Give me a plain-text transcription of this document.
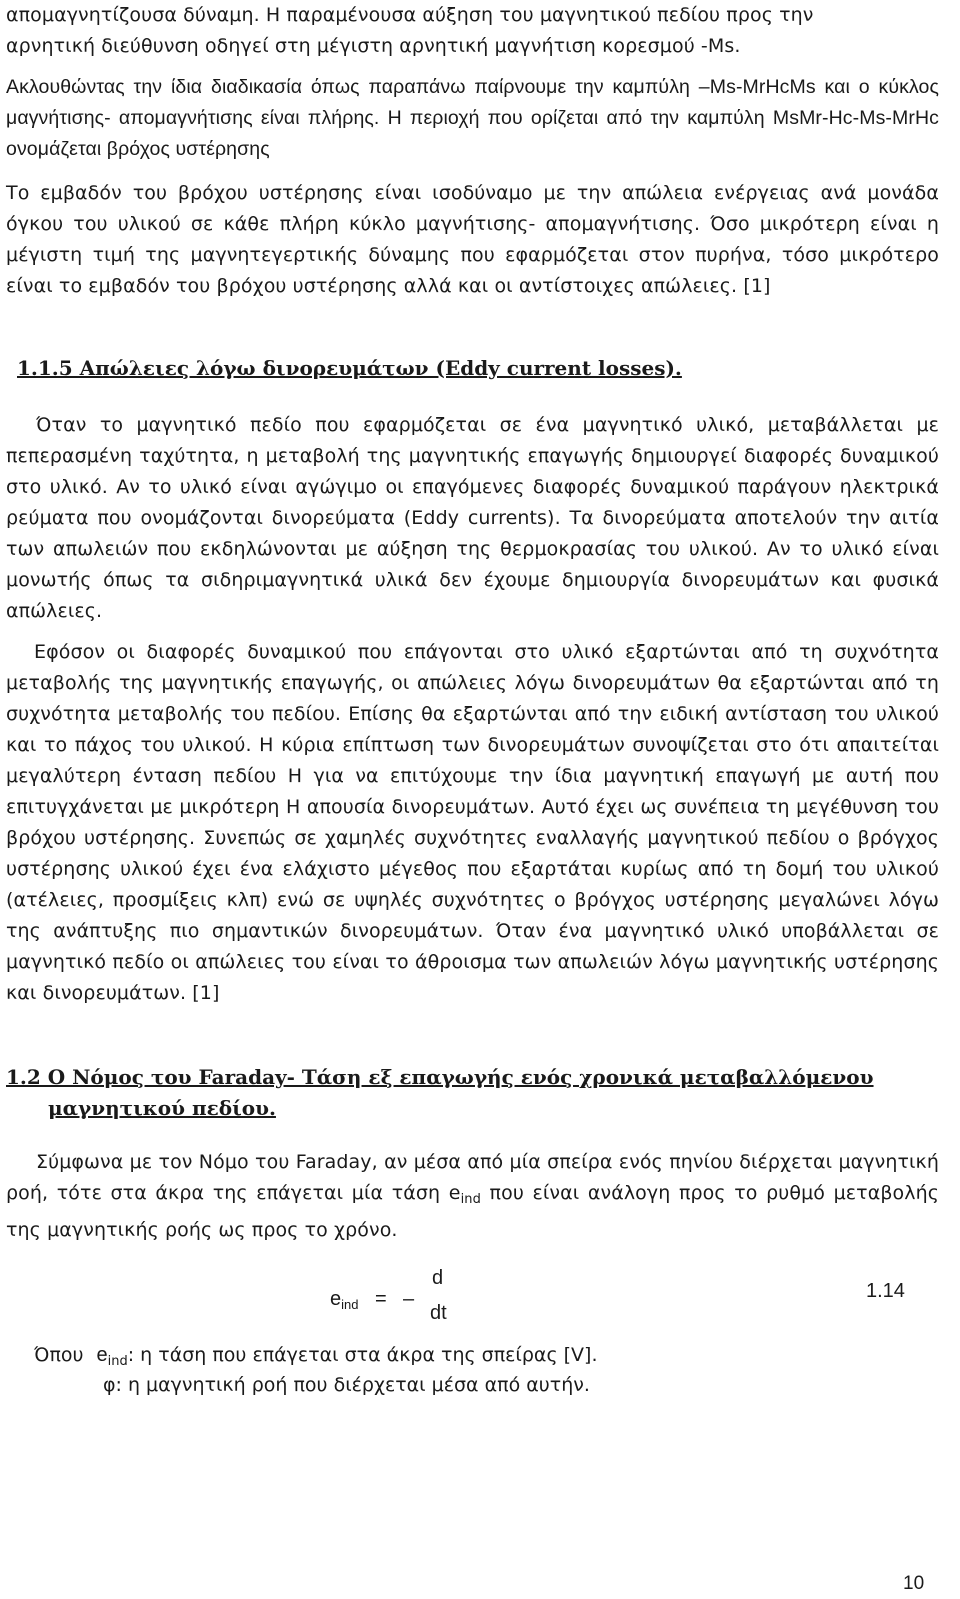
απομαγνητίζουσα δύναμη. Η παραμένουσα αύξηση του μαγνητικού πεδίου προς την

αρνητική διεύθυνση οδηγεί στη μέγιστη αρνητική μαγνήτιση κορεσμού -Ms.

Ακλουθώντας την ίδια διαδικασία όπως παραπάνω παίρνουμε την καμπύλη –Ms-MrHcMs και ο κύκλος μαγνήτισης- απομαγνήτισης είναι πλήρης. Η περιοχή που ορίζεται από την καμπύλη MsMr-Hc-Ms-MrHc ονομάζεται βρόχος υστέρησης

Το εμβαδόν του βρόχου υστέρησης είναι ισοδύναμο με την απώλεια ενέργειας ανά μονάδα όγκου του υλικού σε κάθε πλήρη κύκλο μαγνήτισης- απομαγνήτισης. Όσο μικρότερη είναι η μέγιστη τιμή της μαγνητεγερτικής δύναμης που εφαρμόζεται στον πυρήνα, τόσο μικρότερο είναι το εμβαδόν του βρόχου υστέρησης αλλά και οι αντίστοιχες απώλειες. [1]

1.1.5 Απώλειες λόγω δινορευμάτων (Eddy current losses).

Όταν το μαγνητικό πεδίο που εφαρμόζεται σε ένα μαγνητικό υλικό, μεταβάλλεται με πεπερασμένη ταχύτητα, η μεταβολή της μαγνητικής επαγωγής δημιουργεί διαφορές δυναμικού στο υλικό. Αν το υλικό είναι αγώγιμο οι επαγόμενες διαφορές δυναμικού παράγουν ηλεκτρικά ρεύματα που ονομάζονται δινορεύματα (Eddy currents). Τα δινορεύματα αποτελούν την αιτία των απωλειών που εκδηλώνονται με αύξηση της θερμοκρασίας του υλικού. Αν το υλικό είναι μονωτής όπως τα σιδηριμαγνητικά υλικά δεν έχουμε δημιουργία δινορευμάτων και φυσικά απώλειες.

Εφόσον οι διαφορές δυναμικού που επάγονται στο υλικό εξαρτώνται από τη συχνότητα μεταβολής της μαγνητικής επαγωγής, οι απώλειες λόγω δινορευμάτων θα εξαρτώνται από τη συχνότητα μεταβολής του πεδίου. Επίσης θα εξαρτώνται από την ειδική αντίσταση του υλικού και το πάχος του υλικού. Η κύρια επίπτωση των δινορευμάτων συνοψίζεται στο ότι απαιτείται μεγαλύτερη ένταση πεδίου Η για να επιτύχουμε την ίδια μαγνητική επαγωγή με αυτή που επιτυγχάνεται με μικρότερη Η απουσία δινορευμάτων. Αυτό έχει ως συνέπεια τη μεγέθυνση του βρόχου υστέρησης. Συνεπώς σε χαμηλές συχνότητες εναλλαγής μαγνητικού πεδίου ο βρόγχος υστέρησης υλικού έχει ένα ελάχιστο μέγεθος που εξαρτάται κυρίως από τη δομή του υλικού (ατέλειες, προσμίξεις κλπ) ενώ σε υψηλές συχνότητες ο βρόγχος υστέρησης μεγαλώνει λόγω της ανάπτυξης πιο σημαντικών δινορευμάτων. Όταν ένα μαγνητικό υλικό υποβάλλεται σε μαγνητικό πεδίο οι απώλειες του είναι το άθροισμα των απωλειών λόγω μαγνητικής υστέρησης και δινορευμάτων. [1]

1.2 Ο Νόμος του Faraday- Τάση εξ επαγωγής ενός χρονικά μεταβαλλόμενου
μαγνητικού πεδίου.

Σύμφωνα με τον Νόμο του Faraday, αν μέσα από μία σπείρα ενός πηνίου διέρχεται μαγνητική ροή, τότε στα άκρα της επάγεται μία τάση $e_{ind}$ που είναι ανάλογη προς το ρυθμό μεταβολής της μαγνητικής ροής ως προς το χρόνο.

$e_{ind}$ = –
d
dt
1.14

Όπου $e_{ind}$: η τάση που επάγεται στα άκρα της σπείρας [V].

φ: η μαγνητική ροή που διέρχεται μέσα από αυτήν.

10
